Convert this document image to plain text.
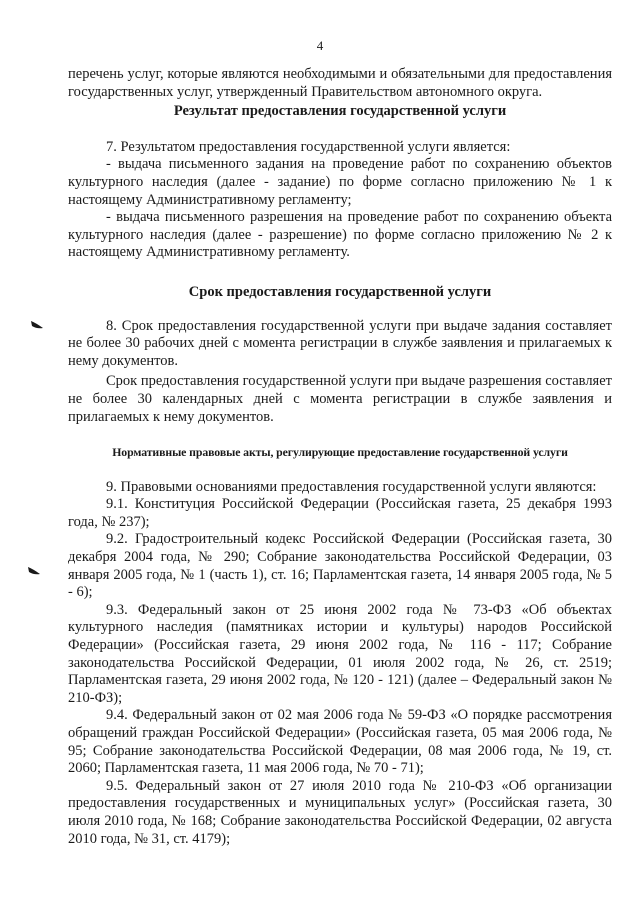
4

перечень услуг, которые являются необходимыми и обязательными для предоставления государственных услуг, утвержденный Правительством автономного округа.

Результат предоставления государственной услуги

7. Результатом предоставления государственной услуги является:

- выдача письменного задания на проведение работ по сохранению объектов культурного наследия (далее - задание) по форме согласно приложению № 1 к настоящему Административному регламенту;

- выдача письменного разрешения на проведение работ по сохранению объекта культурного наследия (далее - разрешение) по форме согласно приложению № 2 к настоящему Административному регламенту.

Срок предоставления государственной услуги

8. Срок предоставления государственной услуги при выдаче задания составляет не более 30 рабочих дней с момента регистрации в службе заявления и прилагаемых к нему документов.

Срок предоставления государственной услуги при выдаче разрешения составляет не более 30 календарных дней с момента регистрации в службе заявления и прилагаемых к нему документов.

Нормативные правовые акты, регулирующие предоставление государственной услуги

9. Правовыми основаниями предоставления государственной услуги являются:

9.1. Конституция Российской Федерации (Российская газета, 25 декабря 1993 года, № 237);

9.2. Градостроительный кодекс Российской Федерации (Российская газета, 30 декабря 2004 года, № 290; Собрание законодательства Российской Федерации, 03 января 2005 года, № 1 (часть 1), ст. 16; Парламентская газета, 14 января 2005 года, № 5 - 6);

9.3. Федеральный закон от 25 июня 2002 года № 73-ФЗ «Об объектах культурного наследия (памятниках истории и культуры) народов Российской Федерации» (Российская газета, 29 июня 2002 года, № 116 - 117; Собрание законодательства Российской Федерации, 01 июля 2002 года, № 26, ст. 2519; Парламентская газета, 29 июня 2002 года, № 120 - 121) (далее – Федеральный закон № 210-ФЗ);

9.4. Федеральный закон от 02 мая 2006 года № 59-ФЗ «О порядке рассмотрения обращений граждан Российской Федерации» (Российская газета, 05 мая 2006 года, № 95; Собрание законодательства Российской Федерации, 08 мая 2006 года, № 19, ст. 2060; Парламентская газета, 11 мая 2006 года, № 70 - 71);

9.5. Федеральный закон от 27 июля 2010 года № 210-ФЗ «Об организации предоставления государственных и муниципальных услуг» (Российская газета, 30 июля 2010 года, № 168; Собрание законодательства Российской Федерации, 02 августа 2010 года, № 31, ст. 4179);
